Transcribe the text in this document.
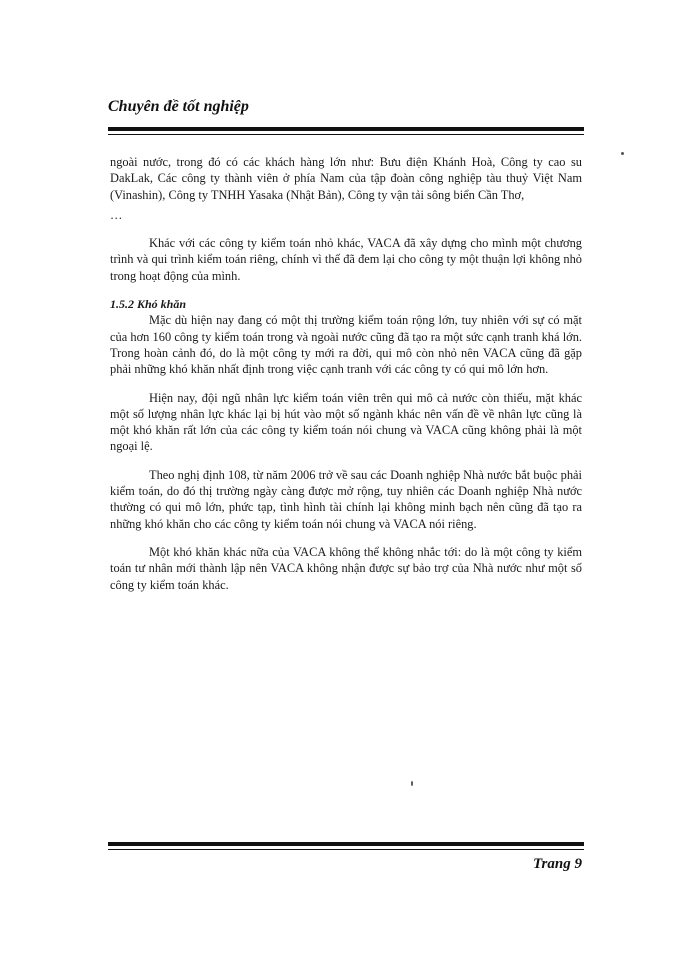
Chuyên đề tốt nghiệp

ngoài nước, trong đó có các khách hàng lớn như: Bưu điện Khánh Hoà, Công ty cao su DakLak, Các công ty thành viên ở phía Nam của tập đoàn công nghiệp tàu thuỷ Việt Nam (Vinashin), Công ty TNHH Yasaka (Nhật Bản), Công ty vận tải sông biển Cần Thơ,

…

Khác với các công ty kiểm toán nhỏ khác, VACA đã xây dựng cho mình một chương trình và qui trình kiểm toán riêng, chính vì thế đã đem lại cho công ty một thuận lợi không nhỏ trong hoạt động của mình.

1.5.2 Khó khăn

Mặc dù hiện nay đang có một thị trường kiểm toán rộng lớn, tuy nhiên với sự có mặt của hơn 160 công ty kiểm toán trong và ngoài nước cũng đã tạo ra một sức cạnh tranh khá lớn. Trong hoàn cảnh đó, do là một công ty mới ra đời, qui mô còn nhỏ nên VACA cũng đã gặp phải những khó khăn nhất định trong việc cạnh tranh với các công ty có qui mô lớn hơn.

Hiện nay, đội ngũ nhân lực kiểm toán viên trên qui mô cả nước còn thiếu, mặt khác một số lượng nhân lực khác lại bị hút vào một số ngành khác nên vấn đề về nhân lực cũng là một khó khăn rất lớn của các công ty kiểm toán nói chung và VACA cũng không phải là một ngoại lệ.

Theo nghị định 108, từ năm 2006 trở về sau các Doanh nghiệp Nhà nước bắt buộc phải kiểm toán, do đó thị trường ngày càng được mở rộng, tuy nhiên các Doanh nghiệp Nhà nước thường có qui mô lớn, phức tạp, tình hình tài chính lại không minh bạch nên cũng đã tạo ra những khó khăn cho các công ty kiểm toán nói chung và VACA nói riêng.

Một khó khăn khác nữa của VACA không thể không nhắc tới: do là một công ty kiểm toán tư nhân mới thành lập nên VACA không nhận được sự bảo trợ của Nhà nước như một số công ty kiểm toán khác.

Trang 9
